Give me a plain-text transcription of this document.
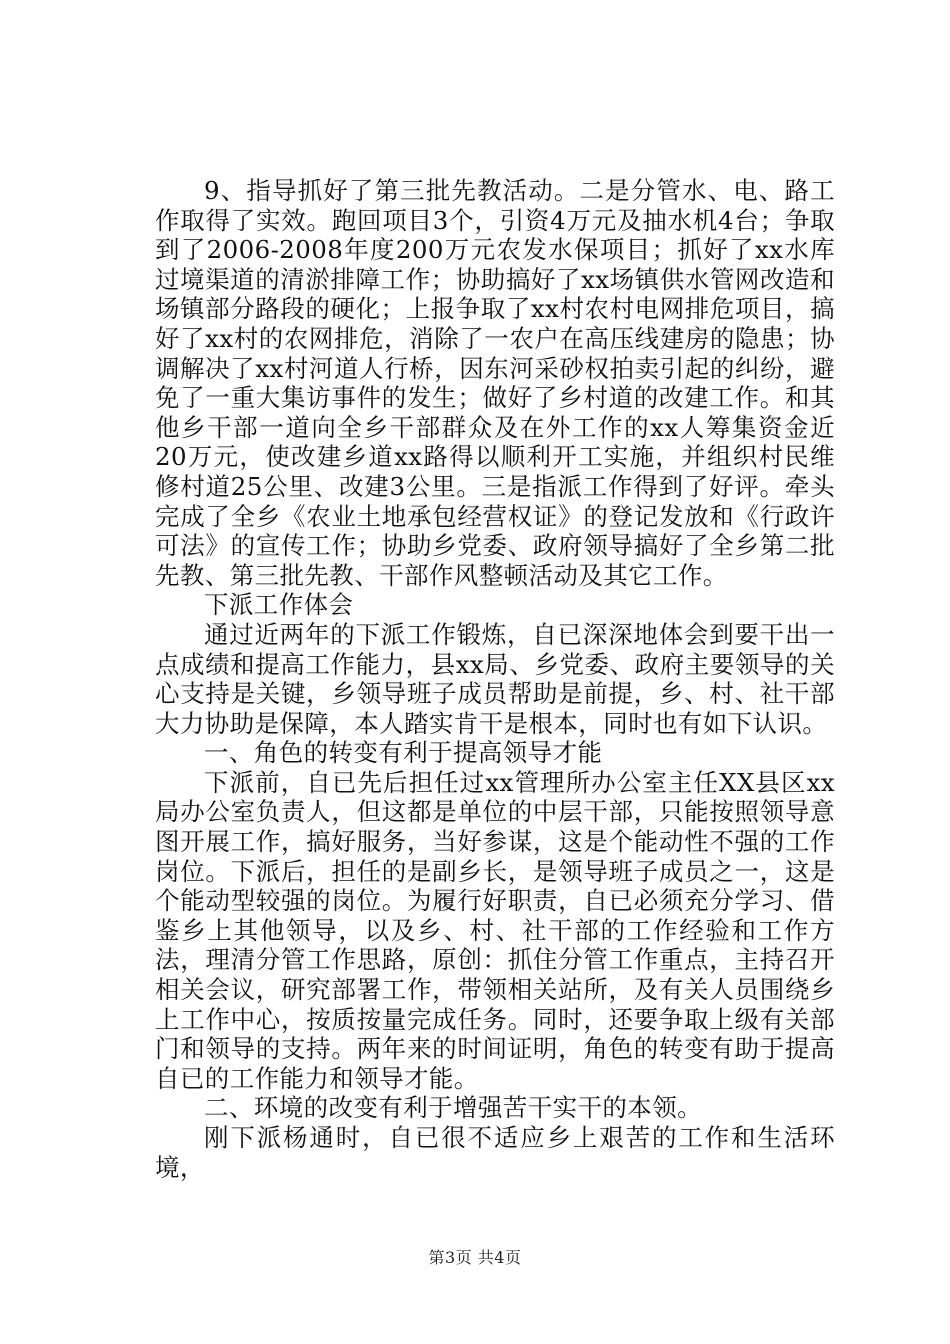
9、指导抓好了第三批先教活动。二是分管水、电、路工作取得了实效。跑回项目3个，引资4万元及抽水机4台；争取到了2006-2008年度200万元农发水保项目；抓好了xx水库过境渠道的清淤排障工作；协助搞好了xx场镇供水管网改造和场镇部分路段的硬化；上报争取了xx村农村电网排危项目，搞好了xx村的农网排危，消除了一农户在高压线建房的隐患；协调解决了xx村河道人行桥，因东河采砂权拍卖引起的纠纷，避免了一重大集访事件的发生；做好了乡村道的改建工作。和其他乡干部一道向全乡干部群众及在外工作的xx人筹集资金近20万元，使改建乡道xx路得以顺利开工实施，并组织村民维修村道25公里、改建3公里。三是指派工作得到了好评。牵头完成了全乡《农业土地承包经营权证》的登记发放和《行政许可法》的宣传工作；协助乡党委、政府领导搞好了全乡第二批先教、第三批先教、干部作风整顿活动及其它工作。

下派工作体会

通过近两年的下派工作锻炼，自已深深地体会到要干出一点成绩和提高工作能力，县xx局、乡党委、政府主要领导的关心支持是关键，乡领导班子成员帮助是前提，乡、村、社干部大力协助是保障，本人踏实肯干是根本，同时也有如下认识。

一、角色的转变有利于提高领导才能

下派前，自已先后担任过xx管理所办公室主任XX县区xx局办公室负责人，但这都是单位的中层干部，只能按照领导意图开展工作，搞好服务，当好参谋，这是个能动性不强的工作岗位。下派后，担任的是副乡长，是领导班子成员之一，这是个能动型较强的岗位。为履行好职责，自已必须充分学习、借鉴乡上其他领导，以及乡、村、社干部的工作经验和工作方法，理清分管工作思路，原创：抓住分管工作重点，主持召开相关会议，研究部署工作，带领相关站所，及有关人员围绕乡上工作中心，按质按量完成任务。同时，还要争取上级有关部门和领导的支持。两年来的时间证明，角色的转变有助于提高自已的工作能力和领导才能。

二、环境的改变有利于增强苦干实干的本领。

刚下派杨通时，自已很不适应乡上艰苦的工作和生活环境，

第3页 共4页
